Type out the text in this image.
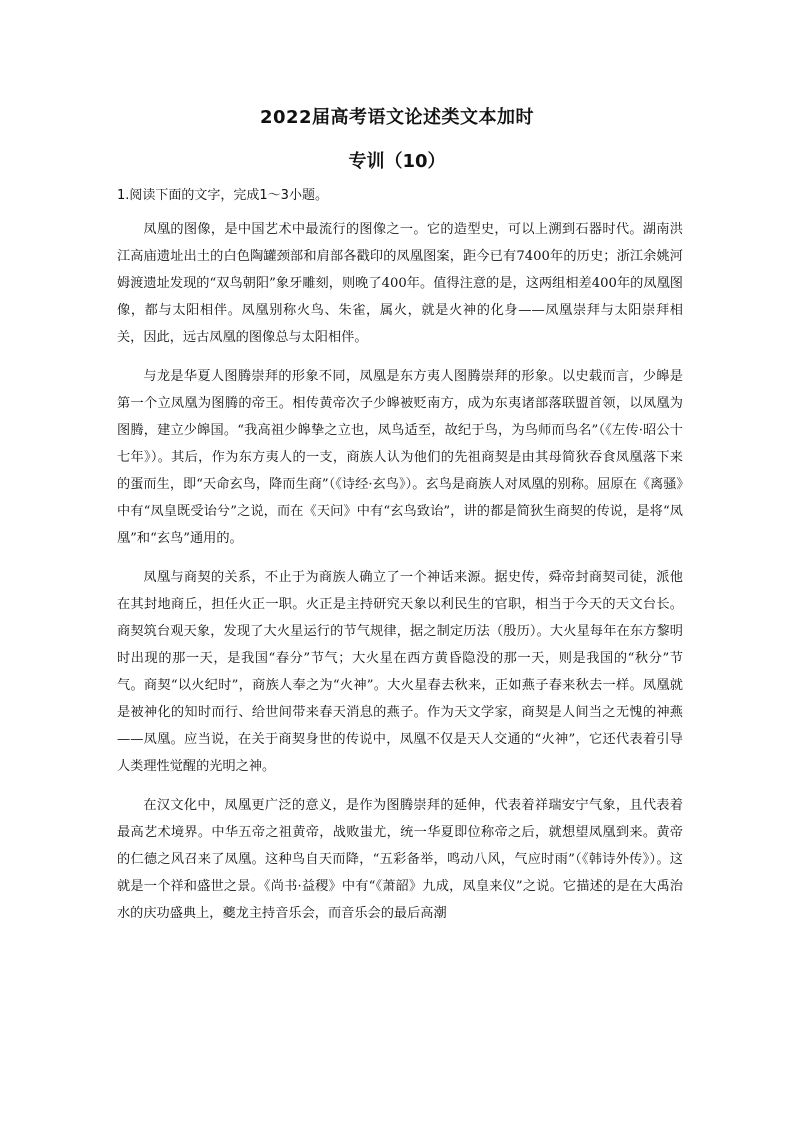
2022届高考语文论述类文本加时
专训（10）
1.阅读下面的文字，完成1～3小题。

凤凰的图像，是中国艺术中最流行的图像之一。它的造型史，可以上溯到石器时代。湖南洪江高庙遗址出土的白色陶罐颈部和肩部各戳印的凤凰图案，距今已有7400年的历史；浙江余姚河姆渡遗址发现的“双鸟朝阳”象牙雕刻，则晚了400年。值得注意的是，这两组相差400年的凤凰图像，都与太阳相伴。凤凰别称火鸟、朱雀，属火，就是火神的化身——凤凰崇拜与太阳崇拜相关，因此，远古凤凰的图像总与太阳相伴。

与龙是华夏人图腾崇拜的形象不同，凤凰是东方夷人图腾崇拜的形象。以史载而言，少皞是第一个立凤凰为图腾的帝王。相传黄帝次子少皞被贬南方，成为东夷诸部落联盟首领，以凤凰为图腾，建立少皞国。“我高祖少皞挚之立也，凤鸟适至，故纪于鸟，为鸟师而鸟名”（《左传·昭公十七年》）。其后，作为东方夷人的一支，商族人认为他们的先祖商契是由其母简狄吞食凤凰落下来的蛋而生，即“天命玄鸟，降而生商”（《诗经·玄鸟》）。玄鸟是商族人对凤凰的别称。屈原在《离骚》中有“凤皇既受诒兮”之说，而在《天问》中有“玄鸟致诒”，讲的都是简狄生商契的传说，是将“凤凰”和“玄鸟”通用的。

凤凰与商契的关系，不止于为商族人确立了一个神话来源。据史传，舜帝封商契司徒，派他在其封地商丘，担任火正一职。火正是主持研究天象以利民生的官职，相当于今天的天文台长。商契筑台观天象，发现了大火星运行的节气规律，据之制定历法（殷历）。大火星每年在东方黎明时出现的那一天，是我国“春分”节气；大火星在西方黄昏隐没的那一天，则是我国的“秋分”节气。商契“以火纪时”，商族人奉之为“火神”。大火星春去秋来，正如燕子春来秋去一样。凤凰就是被神化的知时而行、给世间带来春天消息的燕子。作为天文学家，商契是人间当之无愧的神燕——凤凰。应当说，在关于商契身世的传说中，凤凰不仅是天人交通的“火神”，它还代表着引导人类理性觉醒的光明之神。

在汉文化中，凤凰更广泛的意义，是作为图腾崇拜的延伸，代表着祥瑞安宁气象，且代表着最高艺术境界。中华五帝之祖黄帝，战败蚩尤，统一华夏即位称帝之后，就想望凤凰到来。黄帝的仁德之风召来了凤凰。这种鸟自天而降，“五彩备举，鸣动八风，气应时雨”（《韩诗外传》）。这就是一个祥和盛世之景。《尚书·益稷》中有“《萧韶》九成，凤皇来仪”之说。它描述的是在大禹治水的庆功盛典上，夔龙主持音乐会，而音乐会的最后高潮
